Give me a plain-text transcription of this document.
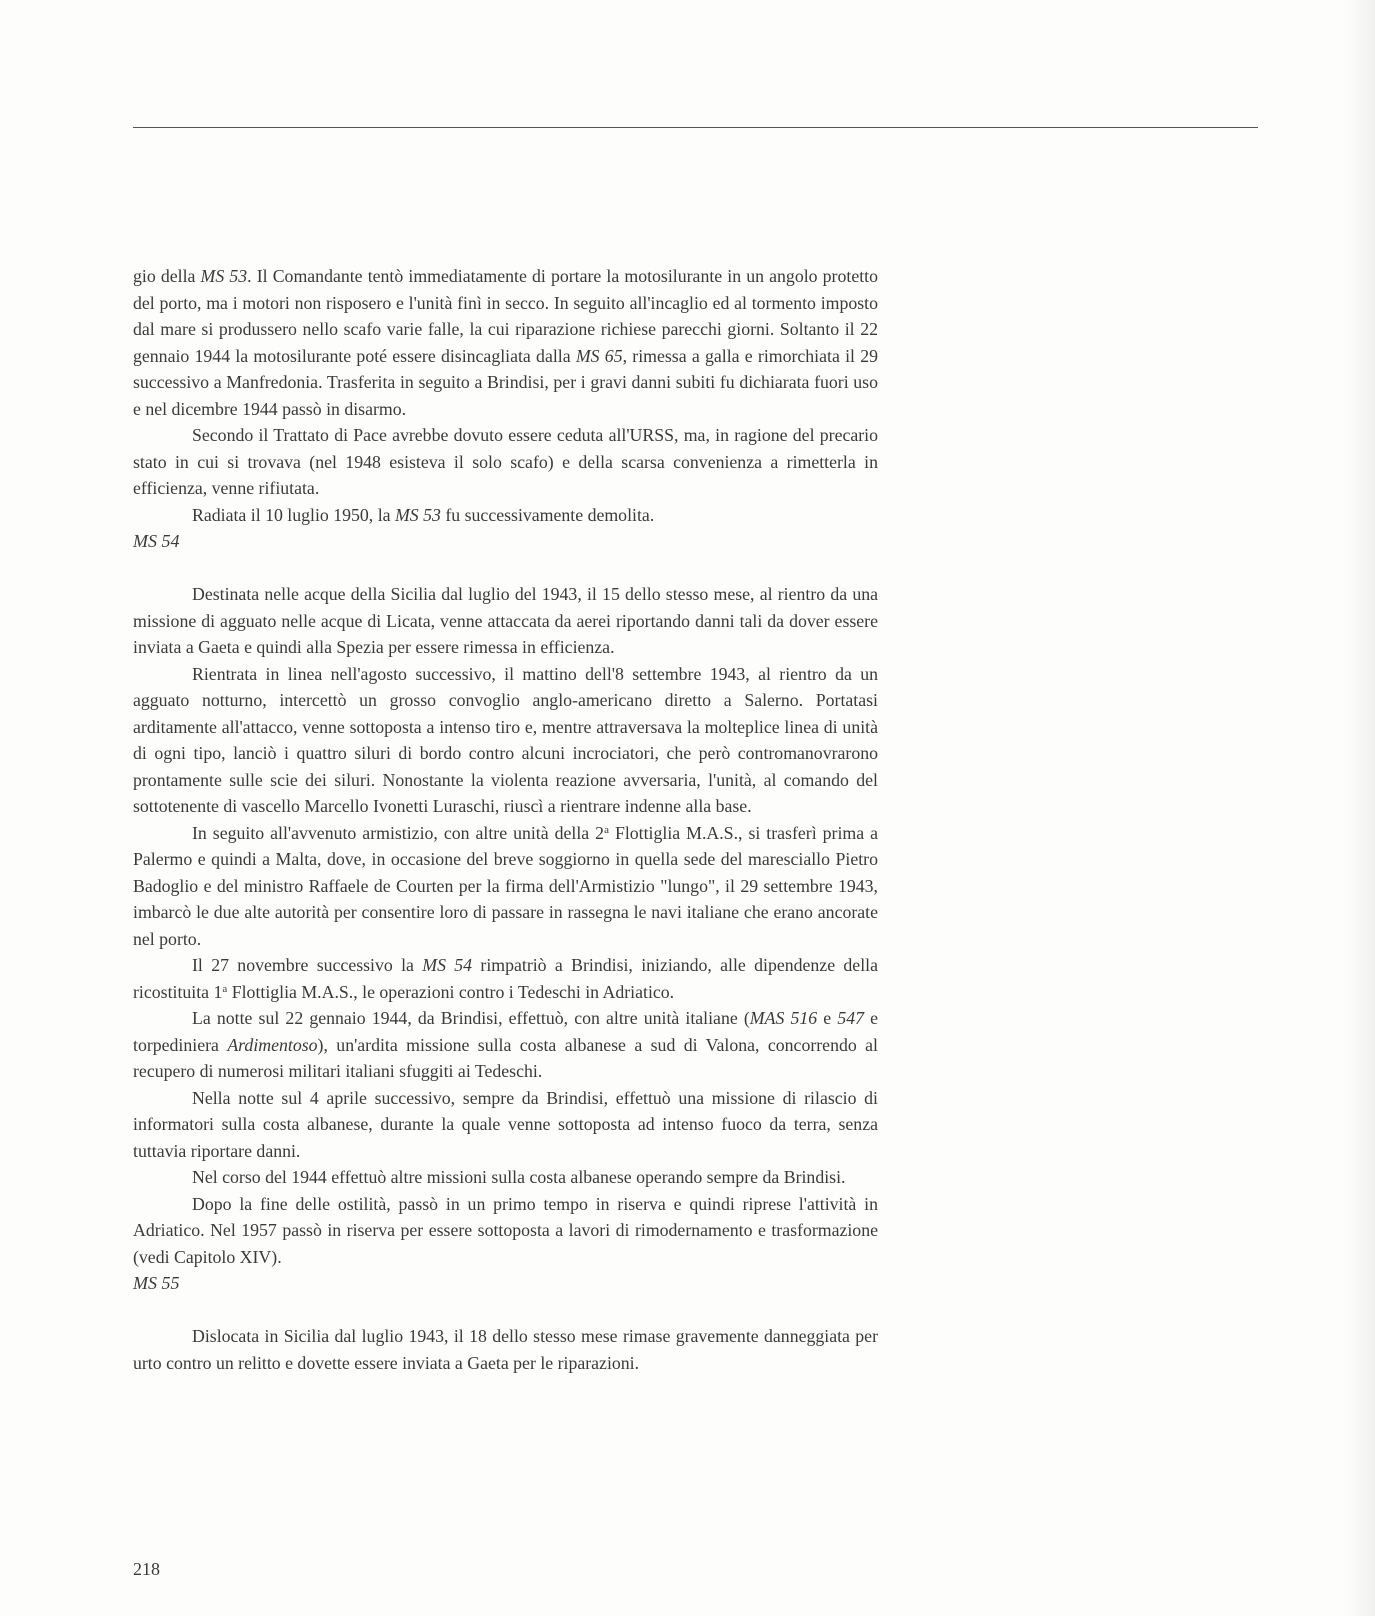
gio della MS 53. Il Comandante tentò immediatamente di portare la motosilurante in un angolo protetto del porto, ma i motori non risposero e l'unità finì in secco. In seguito all'incaglio ed al tormento imposto dal mare si produssero nello scafo varie falle, la cui riparazione richiese parecchi giorni. Soltanto il 22 gennaio 1944 la motosilurante poté essere disincagliata dalla MS 65, rimessa a galla e rimorchiata il 29 successivo a Manfredonia. Trasferita in seguito a Brindisi, per i gravi danni subiti fu dichiarata fuori uso e nel dicembre 1944 passò in disarmo.

Secondo il Trattato di Pace avrebbe dovuto essere ceduta all'URSS, ma, in ragione del precario stato in cui si trovava (nel 1948 esisteva il solo scafo) e della scarsa convenienza a rimetterla in efficienza, venne rifiutata.

Radiata il 10 luglio 1950, la MS 53 fu successivamente demolita.

MS 54

Destinata nelle acque della Sicilia dal luglio del 1943, il 15 dello stesso mese, al rientro da una missione di agguato nelle acque di Licata, venne attaccata da aerei riportando danni tali da dover essere inviata a Gaeta e quindi alla Spezia per essere rimessa in efficienza.

Rientrata in linea nell'agosto successivo, il mattino dell'8 settembre 1943, al rientro da un agguato notturno, intercettò un grosso convoglio anglo-americano diretto a Salerno. Portatasi arditamente all'attacco, venne sottoposta a intenso tiro e, mentre attraversava la molteplice linea di unità di ogni tipo, lanciò i quattro siluri di bordo contro alcuni incrociatori, che però contromanovrarono prontamente sulle scie dei siluri. Nonostante la violenta reazione avversaria, l'unità, al comando del sottotenente di vascello Marcello Ivonetti Luraschi, riuscì a rientrare indenne alla base.

In seguito all'avvenuto armistizio, con altre unità della 2$^a$ Flottiglia M.A.S., si trasferì prima a Palermo e quindi a Malta, dove, in occasione del breve soggiorno in quella sede del maresciallo Pietro Badoglio e del ministro Raffaele de Courten per la firma dell'Armistizio "lungo", il 29 settembre 1943, imbarcò le due alte autorità per consentire loro di passare in rassegna le navi italiane che erano ancorate nel porto.

Il 27 novembre successivo la MS 54 rimpatriò a Brindisi, iniziando, alle dipendenze della ricostituita 1$^a$ Flottiglia M.A.S., le operazioni contro i Tedeschi in Adriatico.

La notte sul 22 gennaio 1944, da Brindisi, effettuò, con altre unità italiane (MAS 516 e 547 e torpediniera Ardimentoso), un'ardita missione sulla costa albanese a sud di Valona, concorrendo al recupero di numerosi militari italiani sfuggiti ai Tedeschi.

Nella notte sul 4 aprile successivo, sempre da Brindisi, effettuò una missione di rilascio di informatori sulla costa albanese, durante la quale venne sottoposta ad intenso fuoco da terra, senza tuttavia riportare danni.

Nel corso del 1944 effettuò altre missioni sulla costa albanese operando sempre da Brindisi.

Dopo la fine delle ostilità, passò in un primo tempo in riserva e quindi riprese l'attività in Adriatico. Nel 1957 passò in riserva per essere sottoposta a lavori di rimodernamento e trasformazione (vedi Capitolo XIV).

MS 55

Dislocata in Sicilia dal luglio 1943, il 18 dello stesso mese rimase gravemente danneggiata per urto contro un relitto e dovette essere inviata a Gaeta per le riparazioni.

218
